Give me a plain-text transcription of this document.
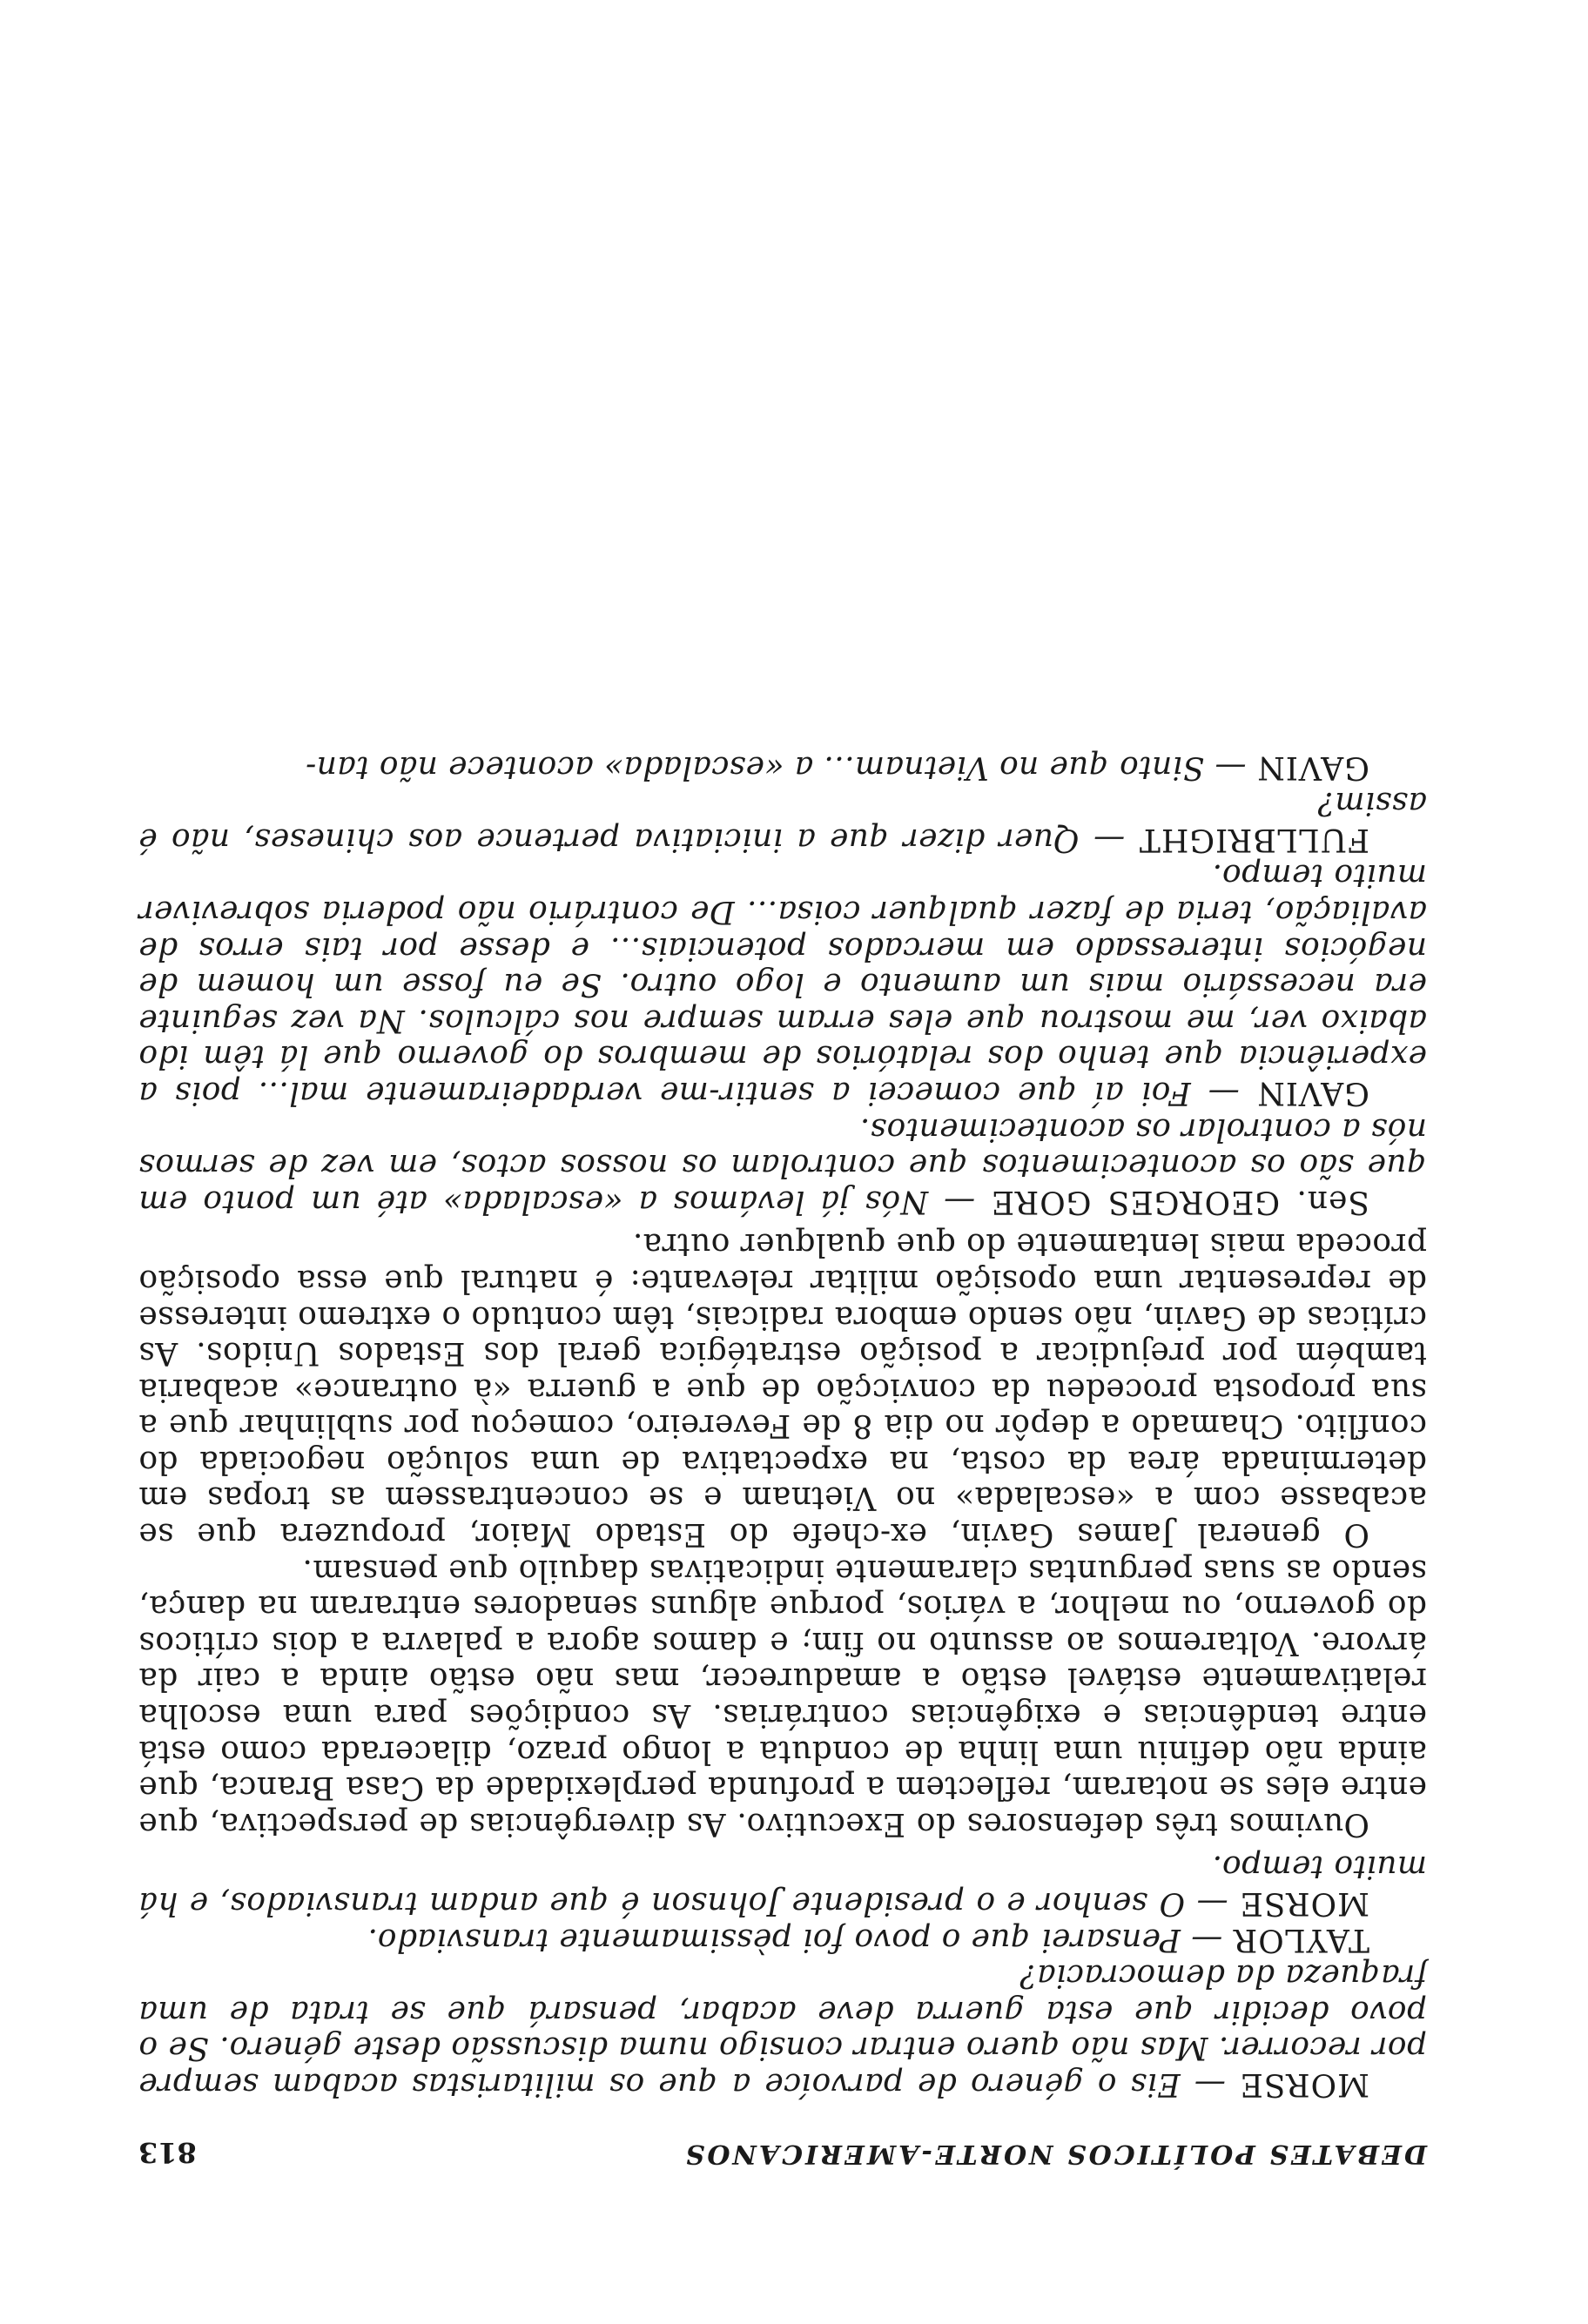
DEBATES POLÍTICOS NORTE-AMERICANOS
813

MORSE — Eis o género de parvoíce a que os militaristas acabam sempre por recorrer. Mas não quero entrar consigo numa discussão deste género. Se o povo decidir que esta guerra deve acabar, pensará que se trata de uma fraqueza da democracia?

TAYLOR — Pensarei que o povo foi pèssimamente transviado.

MORSE — O senhor e o presidente Johnson é que andam transviados, e há muito tempo.

Ouvimos três defensores do Executivo. As divergências de perspectiva, que entre eles se notaram, reflectem a profunda perplexidade da Casa Branca, que ainda não definiu uma linha de conduta a longo prazo, dilacerada como está entre tendências e exigências contrárias. As condições para uma escolha relativamente estável estão a amadurecer, mas não estão ainda a cair da árvore. Voltaremos ao assunto no fim; e damos agora a palavra a dois críticos do governo, ou melhor, a vários, porque alguns senadores entraram na dança, sendo as suas perguntas claramente indicativas daquilo que pensam.

O general James Gavin, ex-chefe do Estado Maior, propuzera que se acabasse com a «escalada» no Vietnam e se concentrassem as tropas em determinada área da costa, na expectativa de uma solução negociada do conflito. Chamado a depôr no dia 8 de Fevereiro, começou por sublinhar que a sua proposta procedeu da convicção de que a guerra «à outrance» acabaria também por prejudicar a posição estratégica geral dos Estados Unidos. As críticas de Gavin, não sendo embora radicais, têm contudo o extremo interesse de representar uma oposição militar relevante: é natural que essa oposição proceda mais lentamente do que qualquer outra.

Sen. GEORGES GORE — Nós já levámos a «escalada» até um ponto em que são os acontecimentos que controlam os nossos actos, em vez de sermos nós a controlar os acontecimentos.

GAVIN — Foi aí que comecei a sentir-me verdadeiramente mal... pois a experiência que tenho dos relatórios de membros do governo que lá têm ido abaixo ver, me mostrou que eles erram sempre nos cálculos. Na vez seguinte era necessário mais um aumento e logo outro. Se eu fosse um homem de negócios interessado em mercados potenciais... e desse por tais erros de avaliação, teria de fazer qualquer coisa... De contrário não poderia sobreviver muito tempo.

FULLBRIGHT — Quer dizer que a iniciativa pertence aos chineses, não é assim?

GAVIN — Sinto que no Vietnam... a «escalada» acontece não tan-
